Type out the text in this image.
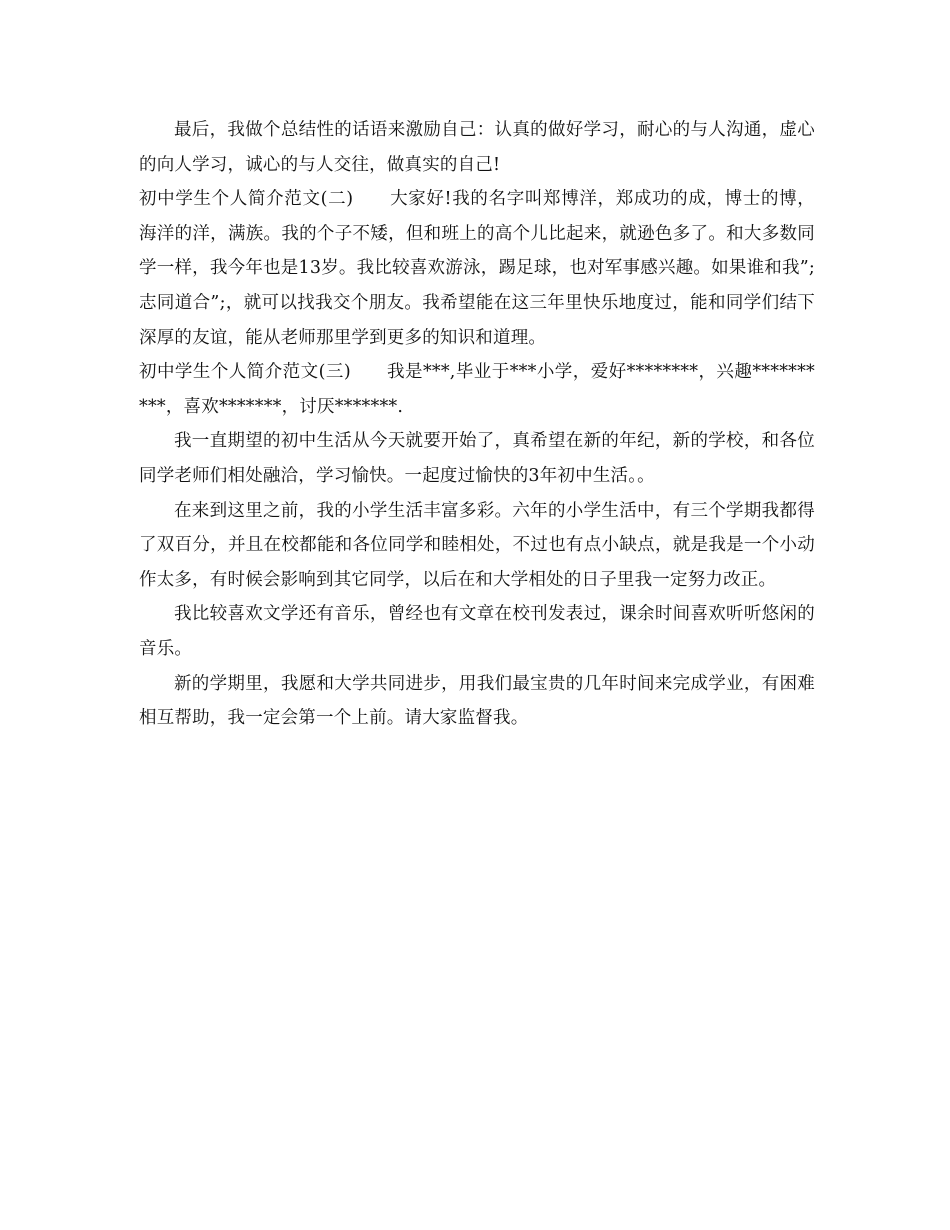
最后，我做个总结性的话语来激励自己：认真的做好学习，耐心的与人沟通，虚心的向人学习，诚心的与人交往，做真实的自己!

初中学生个人简介范文(二)　　大家好!我的名字叫郑博洋，郑成功的成，博士的博，海洋的洋，满族。我的个子不矮，但和班上的高个儿比起来，就逊色多了。和大多数同学一样，我今年也是13岁。我比较喜欢游泳，踢足球，也对军事感兴趣。如果谁和我”;志同道合”;，就可以找我交个朋友。我希望能在这三年里快乐地度过，能和同学们结下深厚的友谊，能从老师那里学到更多的知识和道理。

初中学生个人简介范文(三)　　我是***,毕业于***小学，爱好********，兴趣**********，喜欢*******，讨厌*******.

我一直期望的初中生活从今天就要开始了，真希望在新的年纪，新的学校，和各位同学老师们相处融洽，学习愉快。一起度过愉快的3年初中生活。。

在来到这里之前，我的小学生活丰富多彩。六年的小学生活中，有三个学期我都得了双百分，并且在校都能和各位同学和睦相处，不过也有点小缺点，就是我是一个小动作太多，有时候会影响到其它同学，以后在和大学相处的日子里我一定努力改正。

我比较喜欢文学还有音乐，曾经也有文章在校刊发表过，课余时间喜欢听听悠闲的音乐。

新的学期里，我愿和大学共同进步，用我们最宝贵的几年时间来完成学业，有困难相互帮助，我一定会第一个上前。请大家监督我。
